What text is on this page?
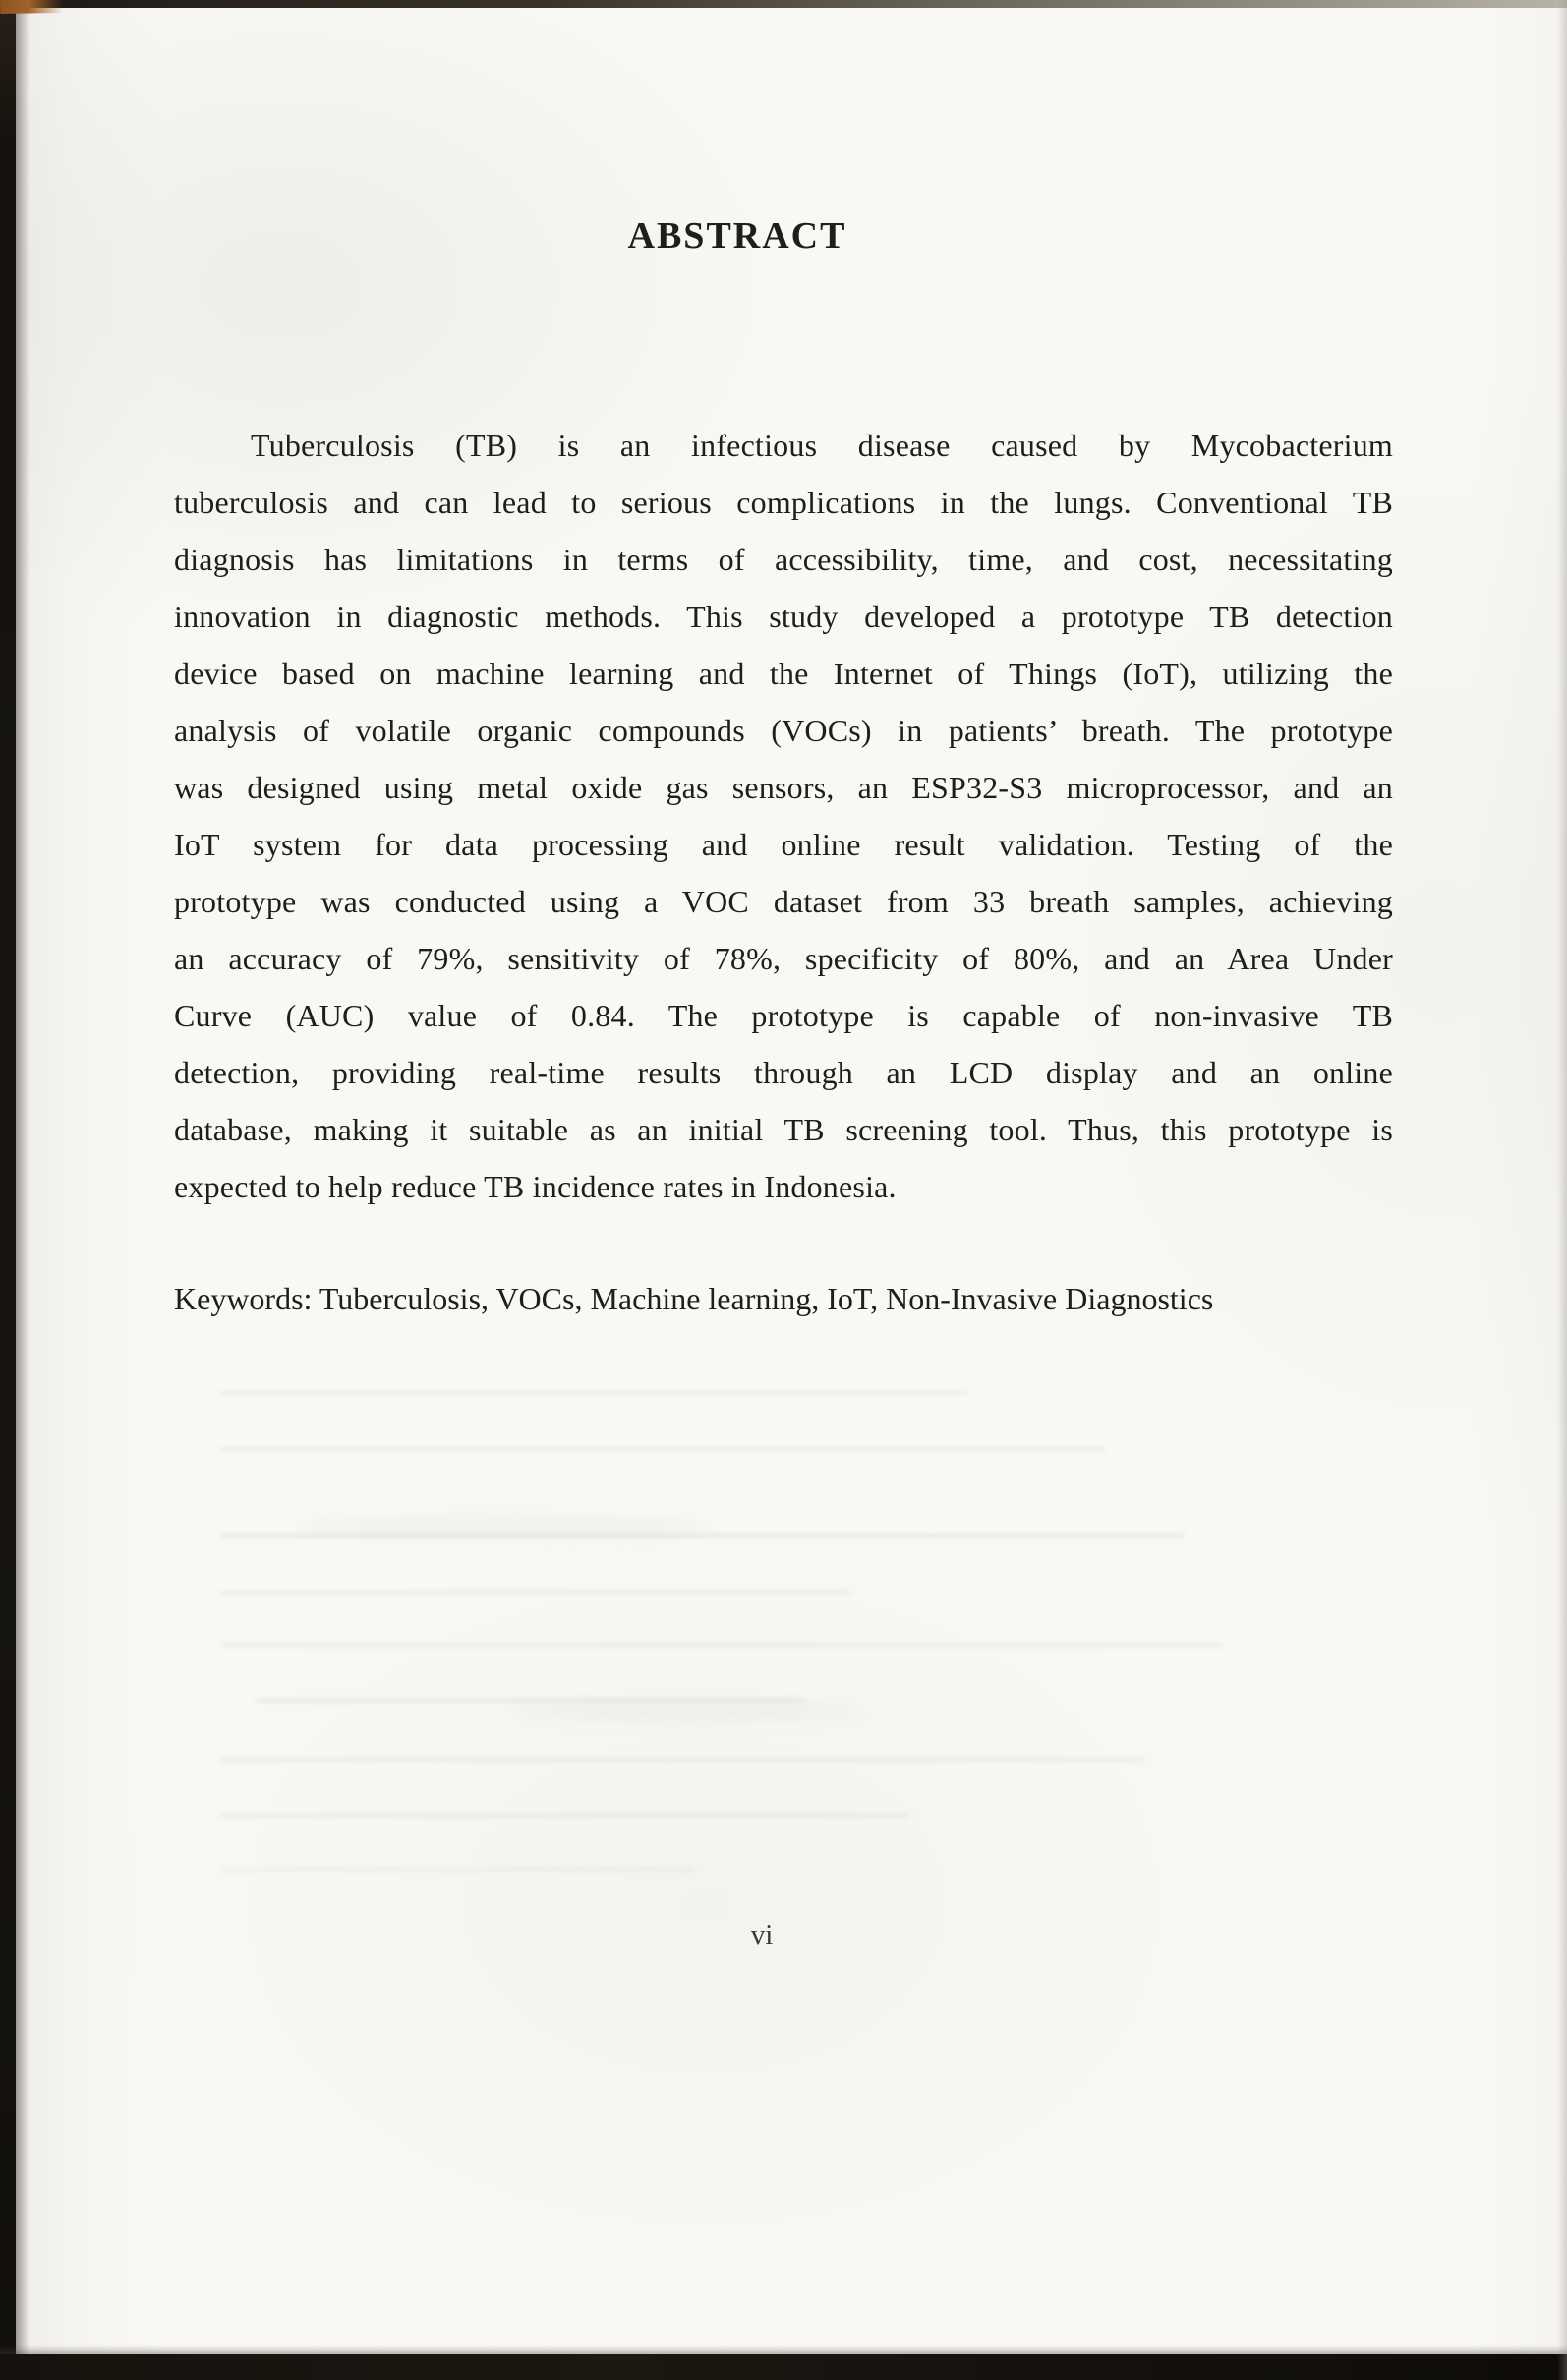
ABSTRACT
Tuberculosis (TB) is an infectious disease caused by Mycobacterium
tuberculosis and can lead to serious complications in the lungs. Conventional TB
diagnosis has limitations in terms of accessibility, time, and cost, necessitating
innovation in diagnostic methods. This study developed a prototype TB detection
device based on machine learning and the Internet of Things (IoT), utilizing the
analysis of volatile organic compounds (VOCs) in patients’ breath. The prototype
was designed using metal oxide gas sensors, an ESP32-S3 microprocessor, and an
IoT system for data processing and online result validation. Testing of the
prototype was conducted using a VOC dataset from 33 breath samples, achieving
an accuracy of 79%, sensitivity of 78%, specificity of 80%, and an Area Under
Curve (AUC) value of 0.84. The prototype is capable of non-invasive TB
detection, providing real-time results through an LCD display and an online
database, making it suitable as an initial TB screening tool. Thus, this prototype is
expected to help reduce TB incidence rates in Indonesia.
Keywords: Tuberculosis, VOCs, Machine learning, IoT, Non-Invasive Diagnostics
vi
